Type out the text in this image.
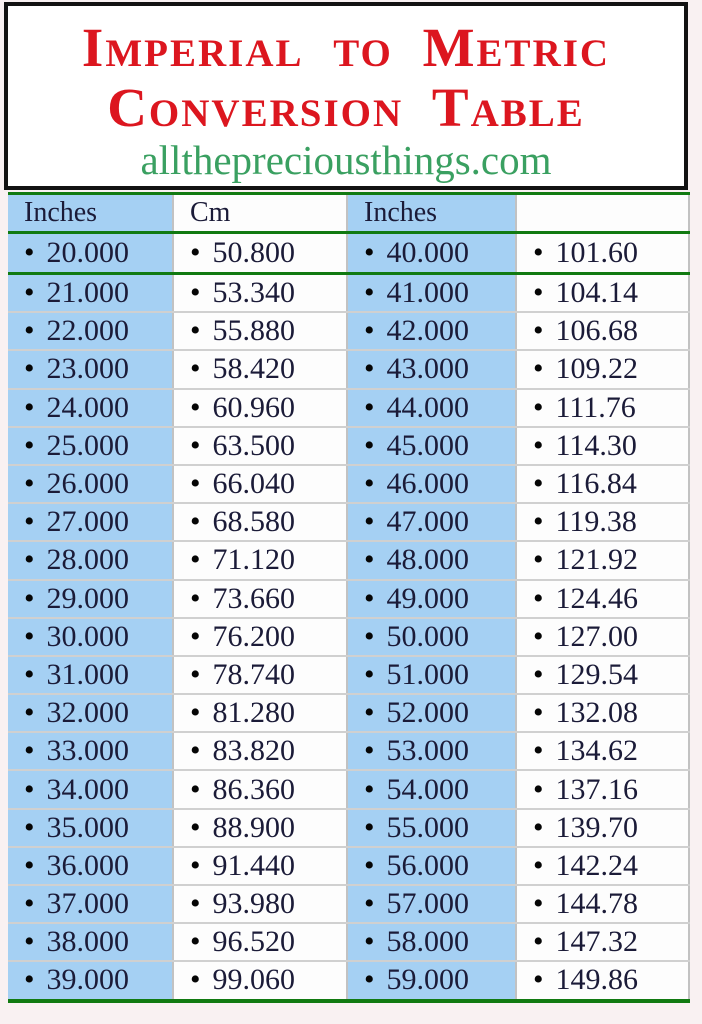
Imperial to Metric

Conversion Table

allthepreciousthings.com

Inches	Cm	Inches
• 20.000 • 50.800 • 40.000 • 101.60
• 21.000 • 53.340 • 41.000 • 104.14
• 22.000 • 55.880 • 42.000 • 106.68
• 23.000 • 58.420 • 43.000 • 109.22
• 24.000 • 60.960 • 44.000 • 111.76
• 25.000 • 63.500 • 45.000 • 114.30
• 26.000 • 66.040 • 46.000 • 116.84
• 27.000 • 68.580 • 47.000 • 119.38
• 28.000 • 71.120 • 48.000 • 121.92
• 29.000 • 73.660 • 49.000 • 124.46
• 30.000 • 76.200 • 50.000 • 127.00
• 31.000 • 78.740 • 51.000 • 129.54
• 32.000 • 81.280 • 52.000 • 132.08
• 33.000 • 83.820 • 53.000 • 134.62
• 34.000 • 86.360 • 54.000 • 137.16
• 35.000 • 88.900 • 55.000 • 139.70
• 36.000 • 91.440 • 56.000 • 142.24
• 37.000 • 93.980 • 57.000 • 144.78
• 38.000 • 96.520 • 58.000 • 147.32
• 39.000 • 99.060 • 59.000 • 149.86
